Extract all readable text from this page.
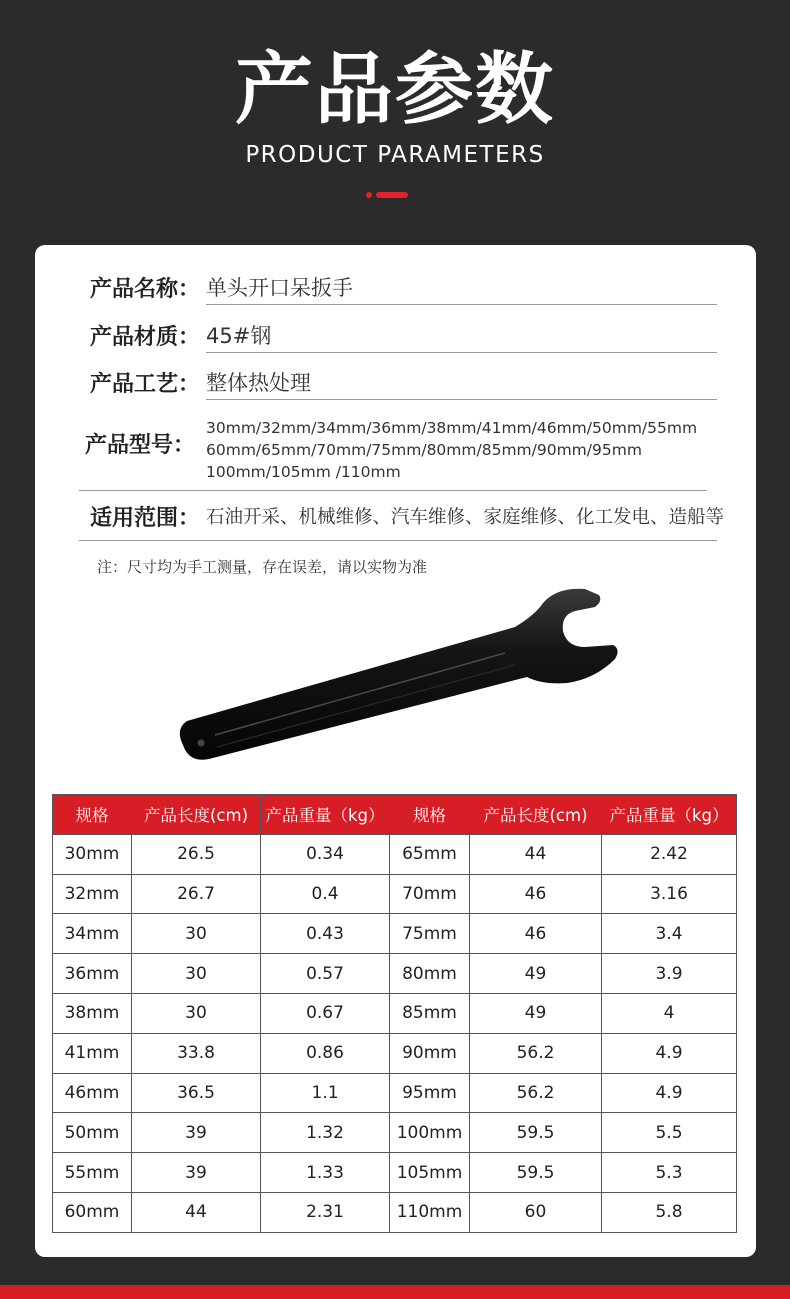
产品参数
PRODUCT PARAMETERS
产品名称： 单头开口呆扳手
产品材质： 45#钢
产品工艺： 整体热处理
产品型号：
30mm/32mm/34mm/36mm/38mm/41mm/46mm/50mm/55mm
60mm/65mm/70mm/75mm/80mm/85mm/90mm/95mm
100mm/105mm /110mm
适用范围： 石油开采、机械维修、汽车维修、家庭维修、化工发电、造船等
注：尺寸均为手工测量，存在误差，请以实物为准
规格	产品长度(cm)	产品重量（kg）	规格	产品长度(cm)	产品重量（kg）
30mm	26.5	0.34	65mm	44	2.42
32mm	26.7	0.4	70mm	46	3.16
34mm	30	0.43	75mm	46	3.4
36mm	30	0.57	80mm	49	3.9
38mm	30	0.67	85mm	49	4
41mm	33.8	0.86	90mm	56.2	4.9
46mm	36.5	1.1	95mm	56.2	4.9
50mm	39	1.32	100mm	59.5	5.5
55mm	39	1.33	105mm	59.5	5.3
60mm	44	2.31	110mm	60	5.8
